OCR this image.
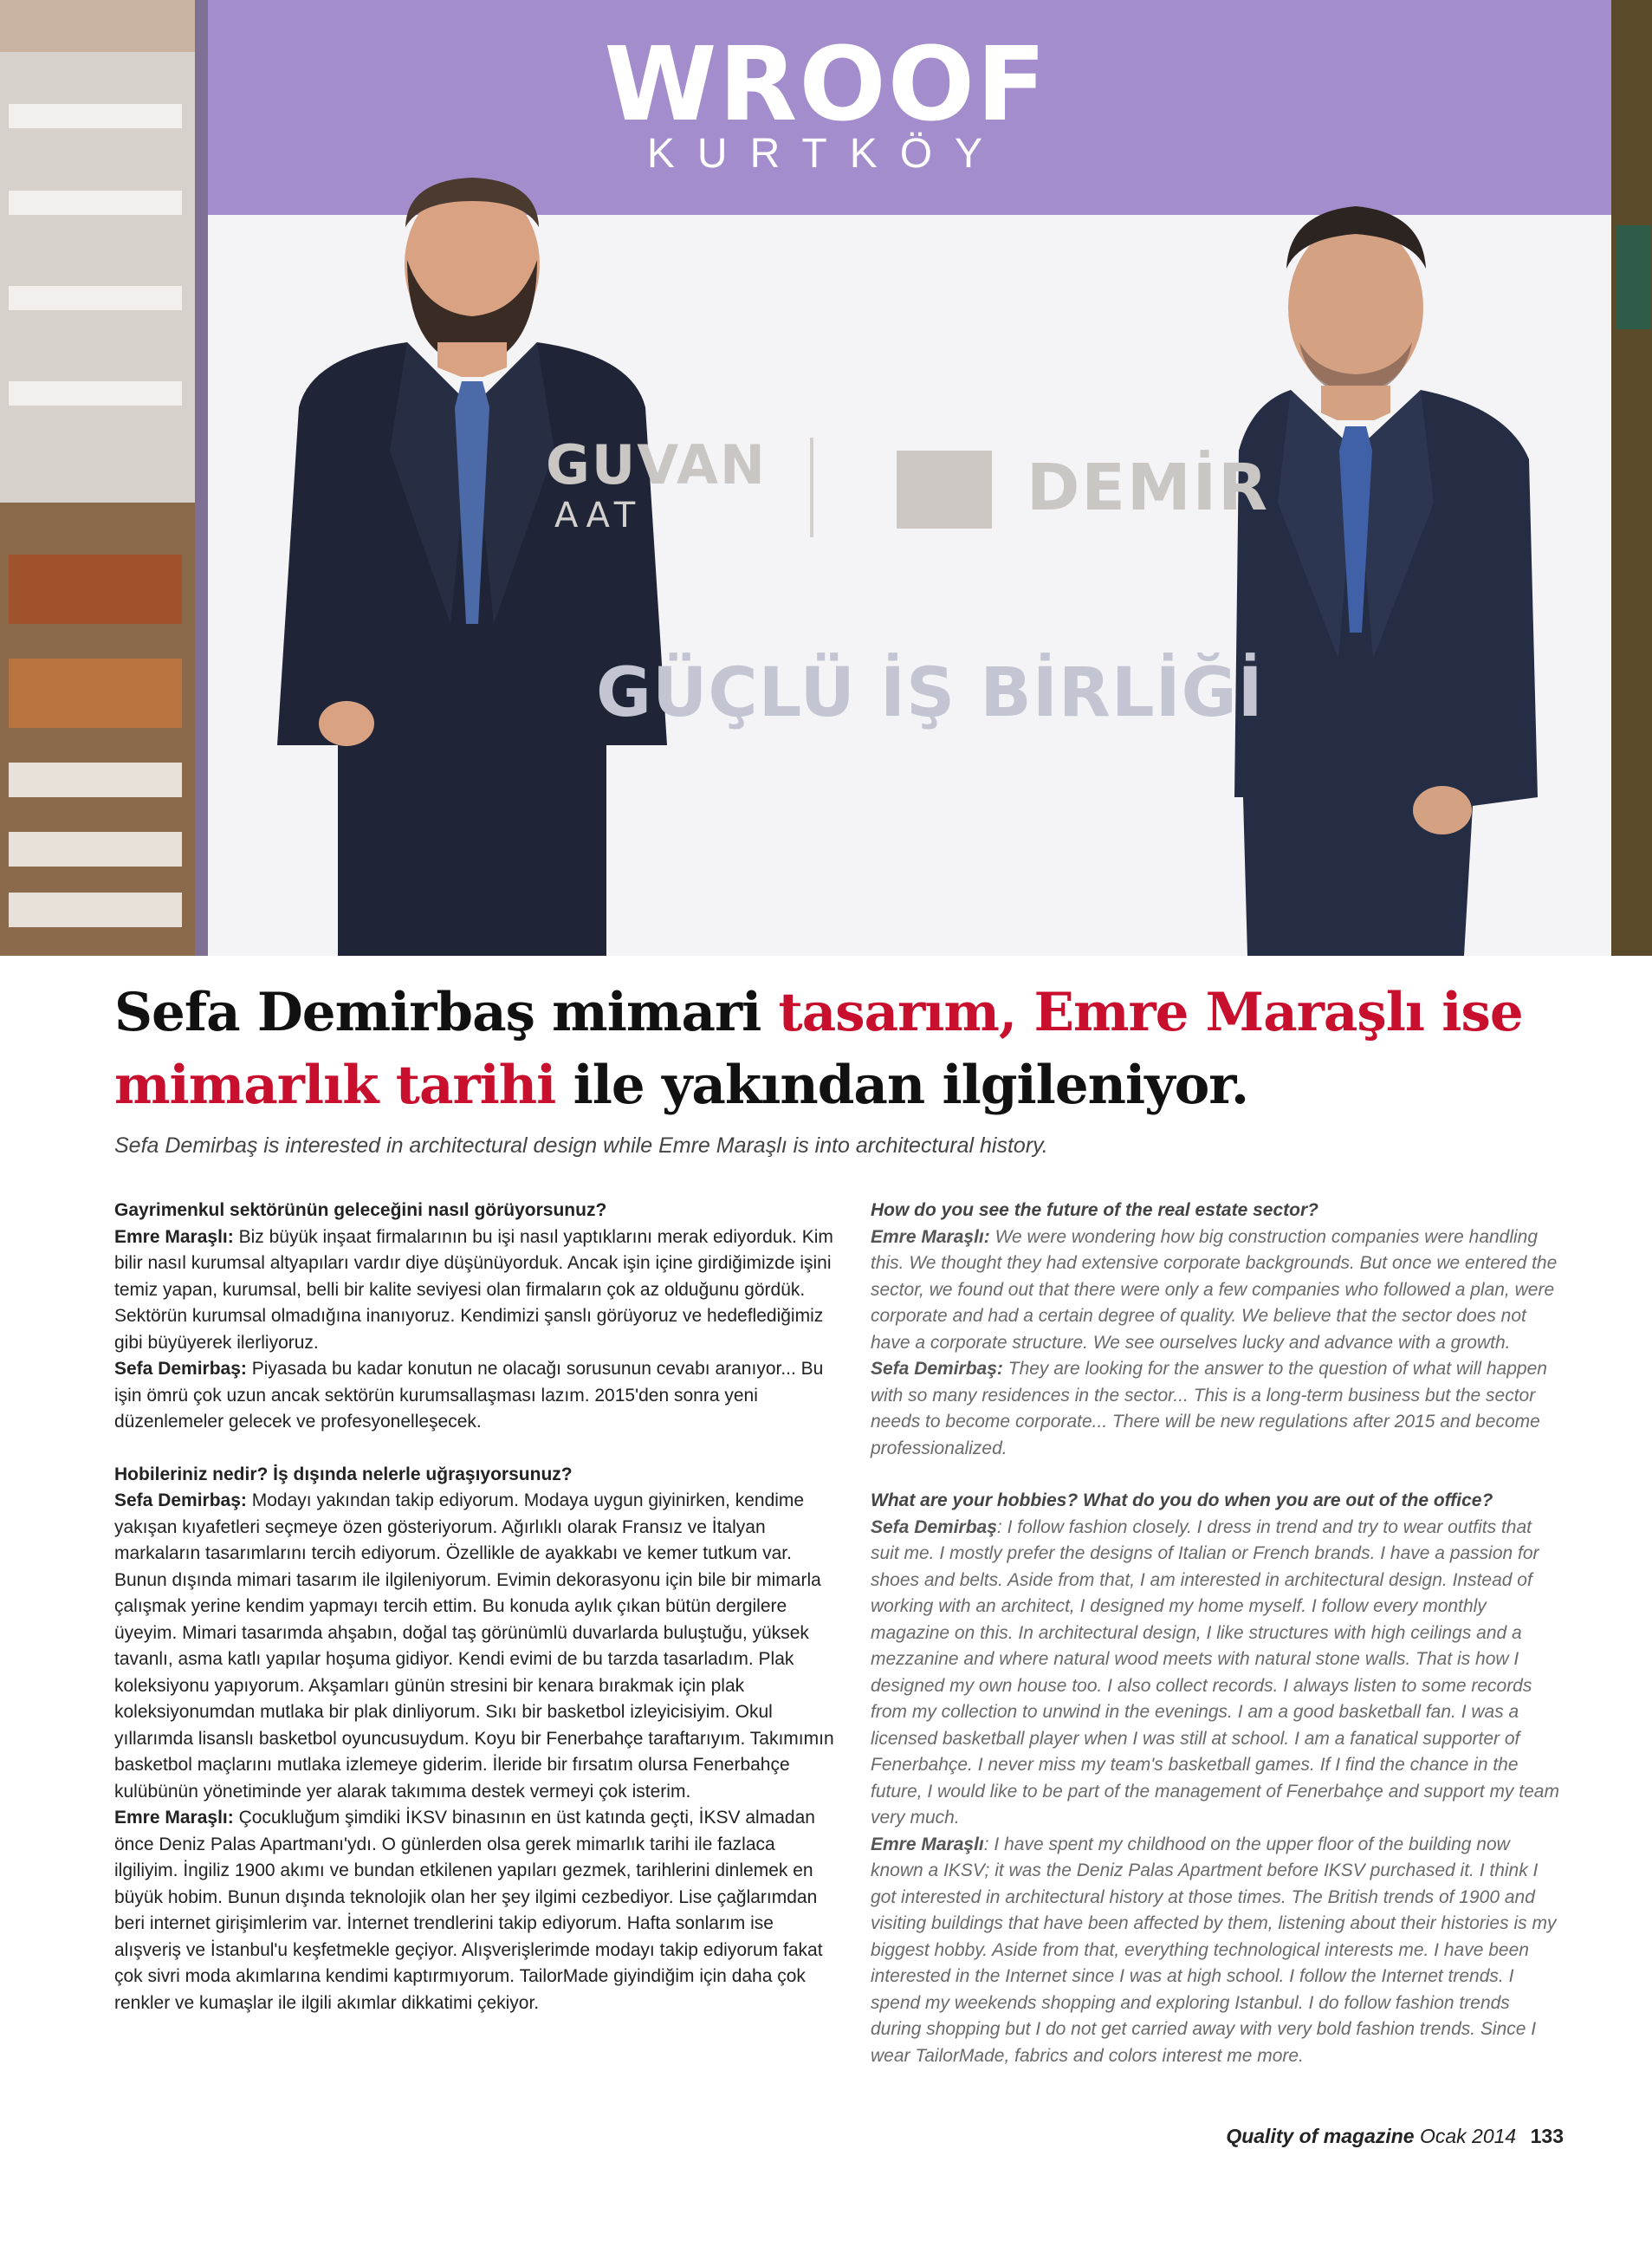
WROOF
KURTKÖY
GUVAN
AAT	DEMİR
GÜÇLÜ İŞ BİRLİĞİ
Sefa Demirbaş mimari tasarım, Emre Maraşlı ise mimarlık tarihi ile yakından ilgileniyor.
Sefa Demirbaş is interested in architectural design while Emre Maraşlı is into architectural history.

Gayrimenkul sektörünün geleceğini nasıl görüyorsunuz?

Emre Maraşlı: Biz büyük inşaat firmalarının bu işi nasıl yaptıklarını merak ediyorduk. Kim bilir nasıl kurumsal altyapıları vardır diye düşünüyorduk. Ancak işin içine girdiğimizde işini temiz yapan, kurumsal, belli bir kalite seviyesi olan firmaların çok az olduğunu gördük. Sektörün kurumsal olmadığına inanıyoruz. Kendimizi şanslı görüyoruz ve hedeflediğimiz gibi büyüyerek ilerliyoruz.

Sefa Demirbaş: Piyasada bu kadar konutun ne olacağı sorusunun cevabı aranıyor... Bu işin ömrü çok uzun ancak sektörün kurumsallaşması lazım. 2015'den sonra yeni düzenlemeler gelecek ve profesyonelleşecek.

Hobileriniz nedir? İş dışında nelerle uğraşıyorsunuz?

Sefa Demirbaş: Modayı yakından takip ediyorum. Modaya uygun giyinirken, kendime yakışan kıyafetleri seçmeye özen gösteriyorum. Ağırlıklı olarak Fransız ve İtalyan markaların tasarımlarını tercih ediyorum. Özellikle de ayakkabı ve kemer tutkum var. Bunun dışında mimari tasarım ile ilgileniyorum. Evimin dekorasyonu için bile bir mimarla çalışmak yerine kendim yapmayı tercih ettim. Bu konuda aylık çıkan bütün dergilere üyeyim. Mimari tasarımda ahşabın, doğal taş görünümlü duvarlarda buluştuğu, yüksek tavanlı, asma katlı yapılar hoşuma gidiyor. Kendi evimi de bu tarzda tasarladım. Plak koleksiyonu yapıyorum. Akşamları günün stresini bir kenara bırakmak için plak koleksiyonumdan mutlaka bir plak dinliyorum. Sıkı bir basketbol izleyicisiyim. Okul yıllarımda lisanslı basketbol oyuncusuydum. Koyu bir Fenerbahçe taraftarıyım. Takımımın basketbol maçlarını mutlaka izlemeye giderim. İleride bir fırsatım olursa Fenerbahçe kulübünün yönetiminde yer alarak takımıma destek vermeyi çok isterim.

Emre Maraşlı: Çocukluğum şimdiki İKSV binasının en üst katında geçti, İKSV almadan önce Deniz Palas Apartmanı'ydı. O günlerden olsa gerek mimarlık tarihi ile fazlaca ilgiliyim. İngiliz 1900 akımı ve bundan etkilenen yapıları gezmek, tarihlerini dinlemek en büyük hobim. Bunun dışında teknolojik olan her şey ilgimi cezbediyor. Lise çağlarımdan beri internet girişimlerim var. İnternet trendlerini takip ediyorum. Hafta sonlarım ise alışveriş ve İstanbul'u keşfetmekle geçiyor. Alışverişlerimde modayı takip ediyorum fakat çok sivri moda akımlarına kendimi kaptırmıyorum. TailorMade giyindiğim için daha çok renkler ve kumaşlar ile ilgili akımlar dikkatimi çekiyor.

How do you see the future of the real estate sector?

Emre Maraşlı: We were wondering how big construction companies were handling this. We thought they had extensive corporate backgrounds. But once we entered the sector, we found out that there were only a few companies who followed a plan, were corporate and had a certain degree of quality. We believe that the sector does not have a corporate structure. We see ourselves lucky and advance with a growth.

Sefa Demirbaş: They are looking for the answer to the question of what will happen with so many residences in the sector... This is a long-term business but the sector needs to become corporate... There will be new regulations after 2015 and become professionalized.

What are your hobbies? What do you do when you are out of the office?

Sefa Demirbaş: I follow fashion closely. I dress in trend and try to wear outfits that suit me. I mostly prefer the designs of Italian or French brands. I have a passion for shoes and belts. Aside from that, I am interested in architectural design. Instead of working with an architect, I designed my home myself. I follow every monthly magazine on this. In architectural design, I like structures with high ceilings and a mezzanine and where natural wood meets with natural stone walls. That is how I designed my own house too. I also collect records. I always listen to some records from my collection to unwind in the evenings. I am a good basketball fan. I was a licensed basketball player when I was still at school. I am a fanatical supporter of Fenerbahçe. I never miss my team's basketball games. If I find the chance in the future, I would like to be part of the management of Fenerbahçe and support my team very much.

Emre Maraşlı: I have spent my childhood on the upper floor of the building now known a IKSV; it was the Deniz Palas Apartment before IKSV purchased it. I think I got interested in architectural history at those times. The British trends of 1900 and visiting buildings that have been affected by them, listening about their histories is my biggest hobby. Aside from that, everything technological interests me. I have been interested in the Internet since I was at high school. I follow the Internet trends. I spend my weekends shopping and exploring Istanbul. I do follow fashion trends during shopping but I do not get carried away with very bold fashion trends. Since I wear TailorMade, fabrics and colors interest me more.

Quality of magazine Ocak 2014 133
